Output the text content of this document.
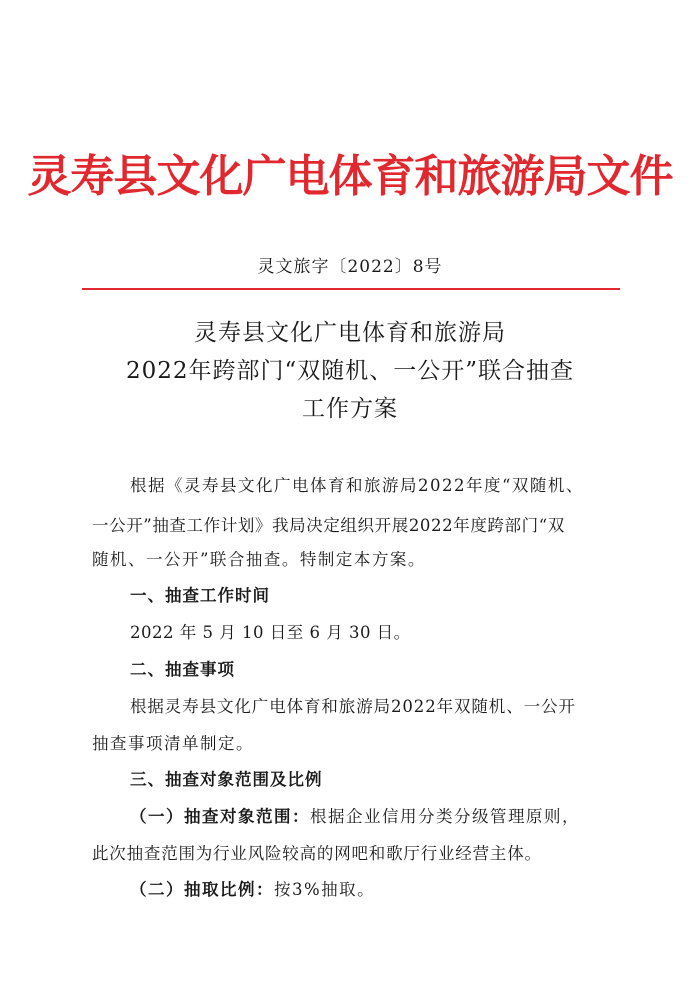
灵寿县文化广电体育和旅游局文件
灵文旅字〔2022〕8号
灵寿县文化广电体育和旅游局
2022年跨部门“双随机、一公开”联合抽查
工作方案
根据《灵寿县文化广电体育和旅游局2022年度“双随机、
一公开”抽查工作计划》我局决定组织开展2022年度跨部门“双
随机、一公开”联合抽查。特制定本方案。
一、抽查工作时间
2022 年 5 月 10 日至 6 月 30 日。
二、抽查事项
根据灵寿县文化广电体育和旅游局2022年双随机、一公开
抽查事项清单制定。
三、抽查对象范围及比例
（一）抽查对象范围：根据企业信用分类分级管理原则，
此次抽查范围为行业风险较高的网吧和歌厅行业经营主体。
（二）抽取比例：按3%抽取。
